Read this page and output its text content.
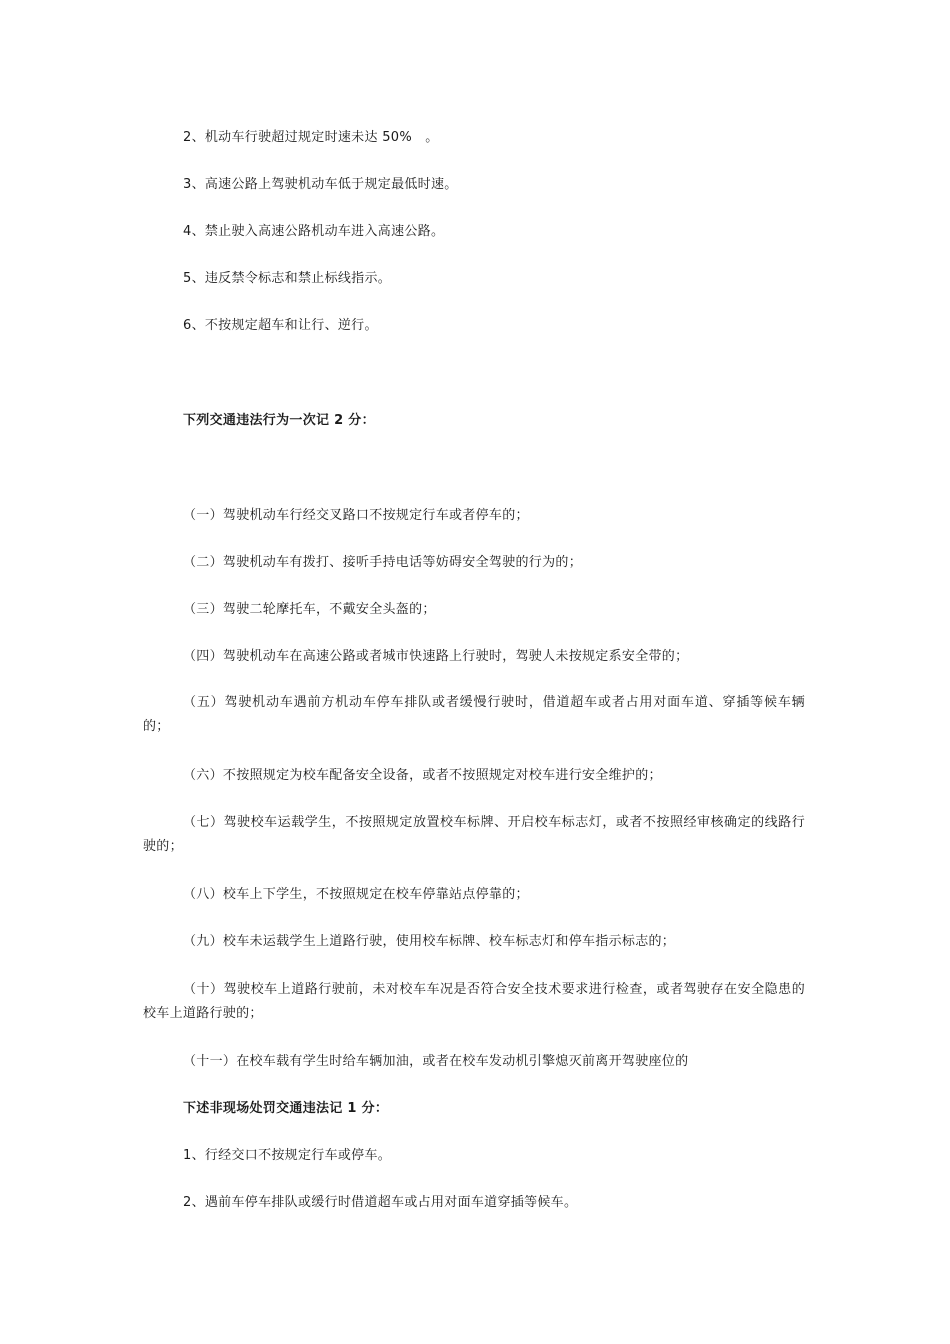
2、机动车行驶超过规定时速未达 50%　。
3、高速公路上驾驶机动车低于规定最低时速。
4、禁止驶入高速公路机动车进入高速公路。
5、违反禁令标志和禁止标线指示。
6、不按规定超车和让行、逆行。
下列交通违法行为一次记 2 分：
（一）驾驶机动车行经交叉路口不按规定行车或者停车的；
（二）驾驶机动车有拨打、接听手持电话等妨碍安全驾驶的行为的；
（三）驾驶二轮摩托车，不戴安全头盔的；
（四）驾驶机动车在高速公路或者城市快速路上行驶时，驾驶人未按规定系安全带的；
（五）驾驶机动车遇前方机动车停车排队或者缓慢行驶时，借道超车或者占用对面车道、穿插等候车辆的；
（六）不按照规定为校车配备安全设备，或者不按照规定对校车进行安全维护的；
（七）驾驶校车运载学生，不按照规定放置校车标牌、开启校车标志灯，或者不按照经审核确定的线路行驶的；
（八）校车上下学生，不按照规定在校车停靠站点停靠的；
（九）校车未运载学生上道路行驶，使用校车标牌、校车标志灯和停车指示标志的；
（十）驾驶校车上道路行驶前，未对校车车况是否符合安全技术要求进行检查，或者驾驶存在安全隐患的校车上道路行驶的；
（十一）在校车载有学生时给车辆加油，或者在校车发动机引擎熄灭前离开驾驶座位的
下述非现场处罚交通违法记 1 分：
1、行经交口不按规定行车或停车。
2、遇前车停车排队或缓行时借道超车或占用对面车道穿插等候车。
